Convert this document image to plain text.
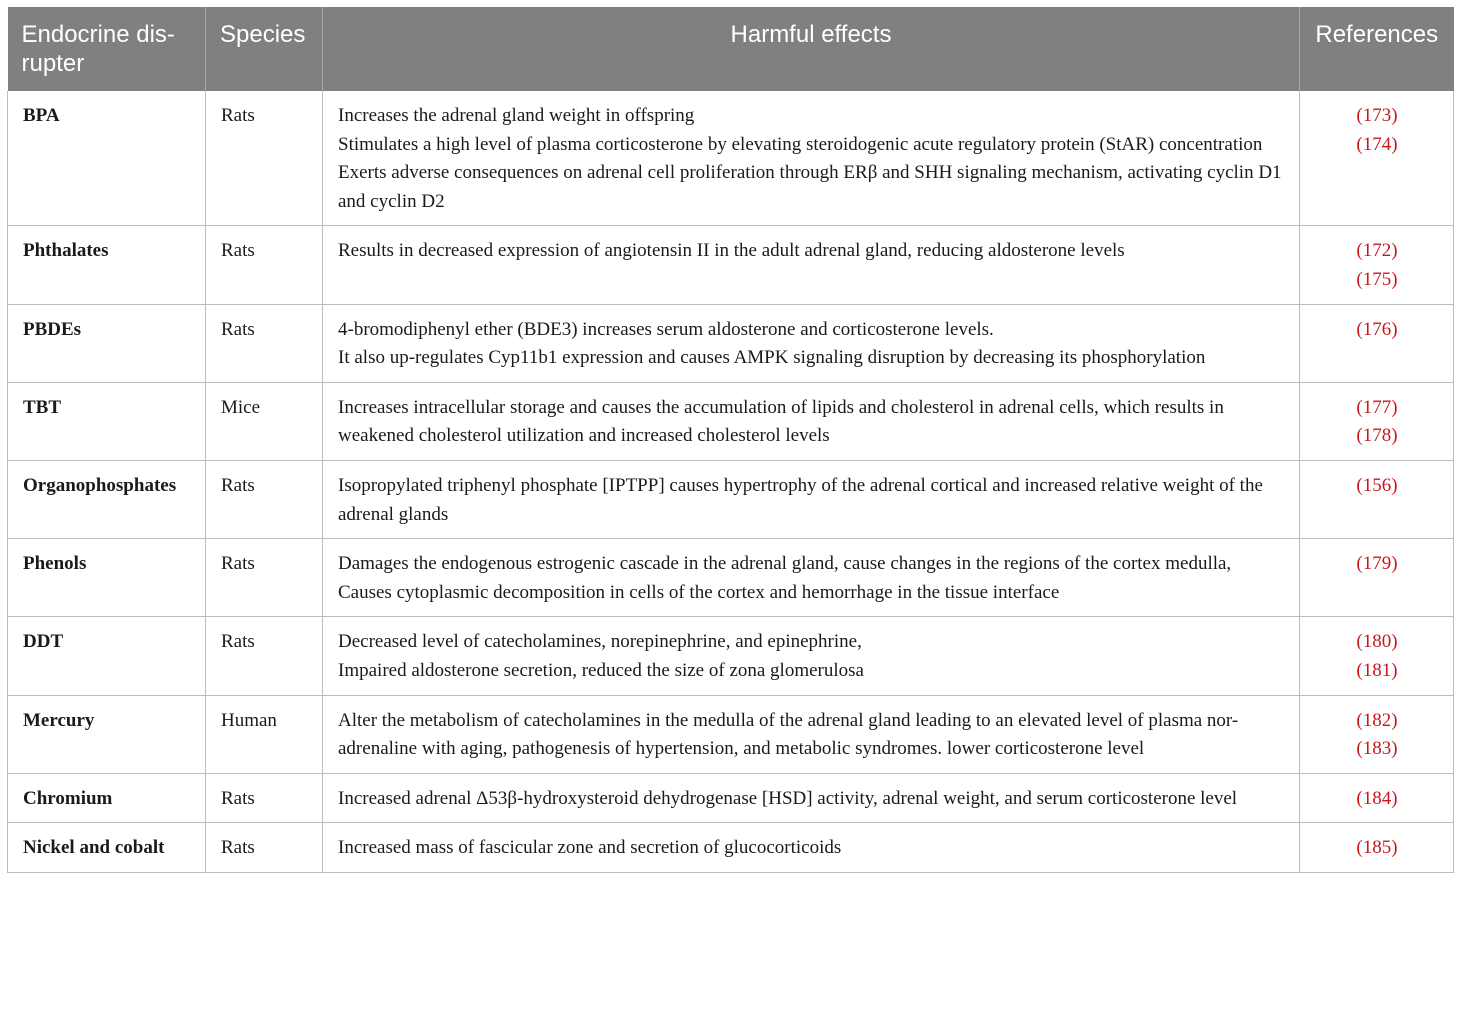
Endocrine dis-rupter	Species	Harmful effects	References
BPA	Rats	Increases the adrenal gland weight in offspring
Stimulates a high level of plasma corticosterone by elevating steroidogenic acute regulatory protein (StAR) concentration
Exerts adverse consequences on adrenal cell proliferation through ERβ and SHH signaling mechanism, activating cyclin D1 and cyclin D2	(173)
(174)

Phthalates	Rats	Results in decreased expression of angiotensin II in the adult adrenal gland, reducing aldosterone levels	(172)
(175)

PBDEs	Rats	4-bromodiphenyl ether (BDE3) increases serum aldosterone and corticosterone levels.
It also up-regulates Cyp11b1 expression and causes AMPK signaling disruption by decreasing its phosphorylation	(176)

TBT	Mice	Increases intracellular storage and causes the accumulation of lipids and cholesterol in adrenal cells, which results in weakened cholesterol utilization and increased cholesterol levels	(177)
(178)

Organophosphates	Rats	Isopropylated triphenyl phosphate [IPTPP] causes hypertrophy of the adrenal cortical and increased relative weight of the adrenal glands	(156)

Phenols	Rats	Damages the endogenous estrogenic cascade in the adrenal gland, cause changes in the regions of the cortex medulla,
Causes cytoplasmic decomposition in cells of the cortex and hemorrhage in the tissue interface	(179)

DDT	Rats	Decreased level of catecholamines, norepinephrine, and epinephrine,
Impaired aldosterone secretion, reduced the size of zona glomerulosa	(180)
(181)

Mercury	Human	Alter the metabolism of catecholamines in the medulla of the adrenal gland leading to an elevated level of plasma nor-adrenaline with aging, pathogenesis of hypertension, and metabolic syndromes. lower corticosterone level	(182)
(183)

Chromium	Rats	Increased adrenal Δ53β-hydroxysteroid dehydrogenase [HSD] activity, adrenal weight, and serum corticosterone level	(184)

Nickel and cobalt	Rats	Increased mass of fascicular zone and secretion of glucocorticoids	(185)
